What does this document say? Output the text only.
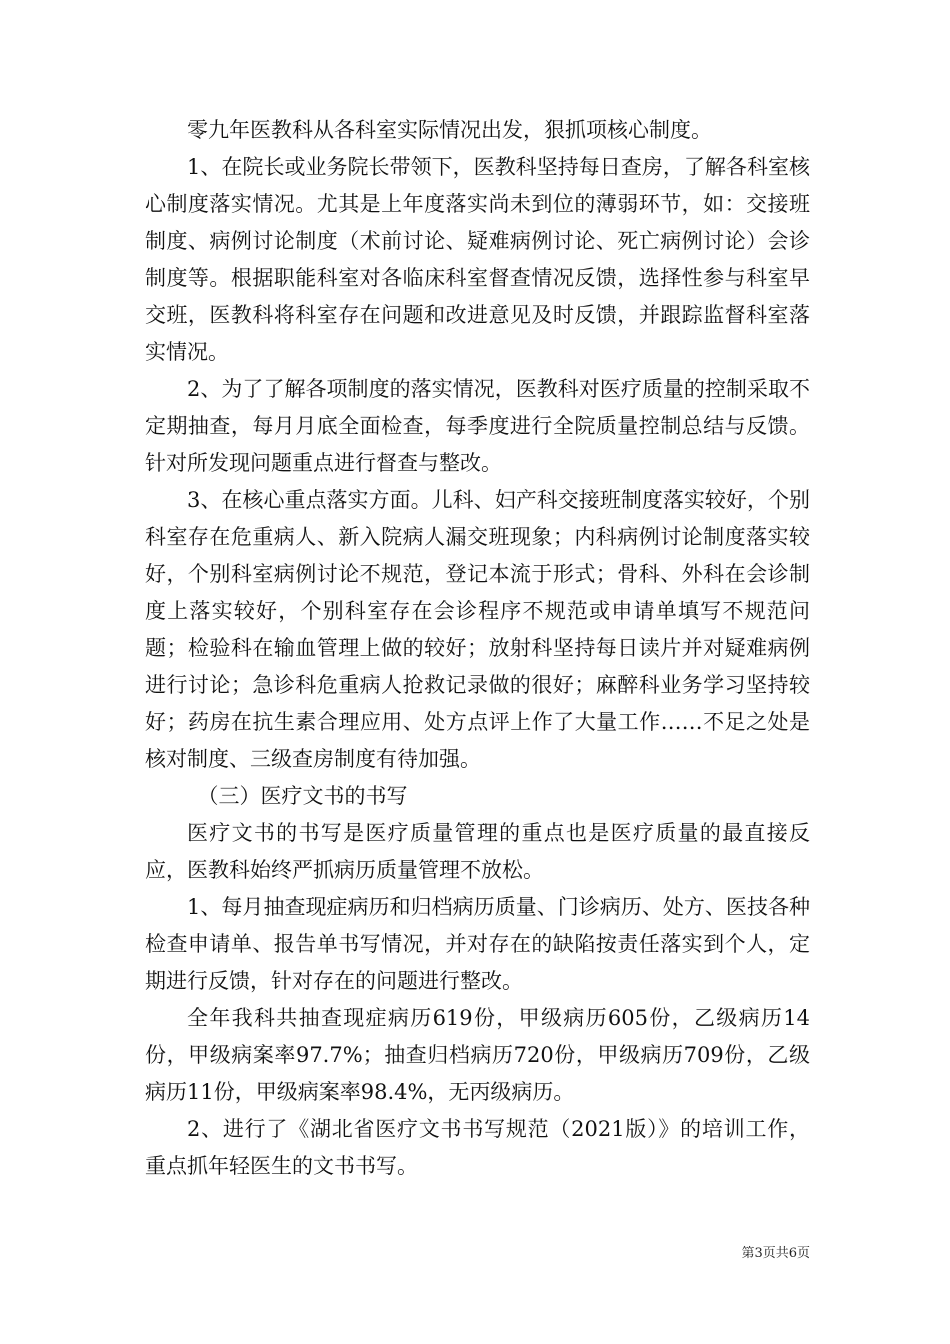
零九年医教科从各科室实际情况出发，狠抓项核心制度。

1、在院长或业务院长带领下，医教科坚持每日查房，了解各科室核心制度落实情况。尤其是上年度落实尚未到位的薄弱环节，如：交接班制度、病例讨论制度（术前讨论、疑难病例讨论、死亡病例讨论）会诊制度等。根据职能科室对各临床科室督查情况反馈，选择性参与科室早交班，医教科将科室存在问题和改进意见及时反馈，并跟踪监督科室落实情况。

2、为了了解各项制度的落实情况，医教科对医疗质量的控制采取不定期抽查，每月月底全面检查，每季度进行全院质量控制总结与反馈。针对所发现问题重点进行督查与整改。

3、在核心重点落实方面。儿科、妇产科交接班制度落实较好，个别科室存在危重病人、新入院病人漏交班现象；内科病例讨论制度落实较好，个别科室病例讨论不规范，登记本流于形式；骨科、外科在会诊制度上落实较好，个别科室存在会诊程序不规范或申请单填写不规范问题；检验科在输血管理上做的较好；放射科坚持每日读片并对疑难病例进行讨论；急诊科危重病人抢救记录做的很好；麻醉科业务学习坚持较好；药房在抗生素合理应用、处方点评上作了大量工作……不足之处是核对制度、三级查房制度有待加强。

（三）医疗文书的书写

医疗文书的书写是医疗质量管理的重点也是医疗质量的最直接反应，医教科始终严抓病历质量管理不放松。

1、每月抽查现症病历和归档病历质量、门诊病历、处方、医技各种检查申请单、报告单书写情况，并对存在的缺陷按责任落实到个人，定期进行反馈，针对存在的问题进行整改。

全年我科共抽查现症病历619份，甲级病历605份，乙级病历14份，甲级病案率97.7%；抽查归档病历720份，甲级病历709份，乙级病历11份，甲级病案率98.4%，无丙级病历。

2、进行了《湖北省医疗文书书写规范（2021版）》的培训工作，重点抓年轻医生的文书书写。

第3页共6页
